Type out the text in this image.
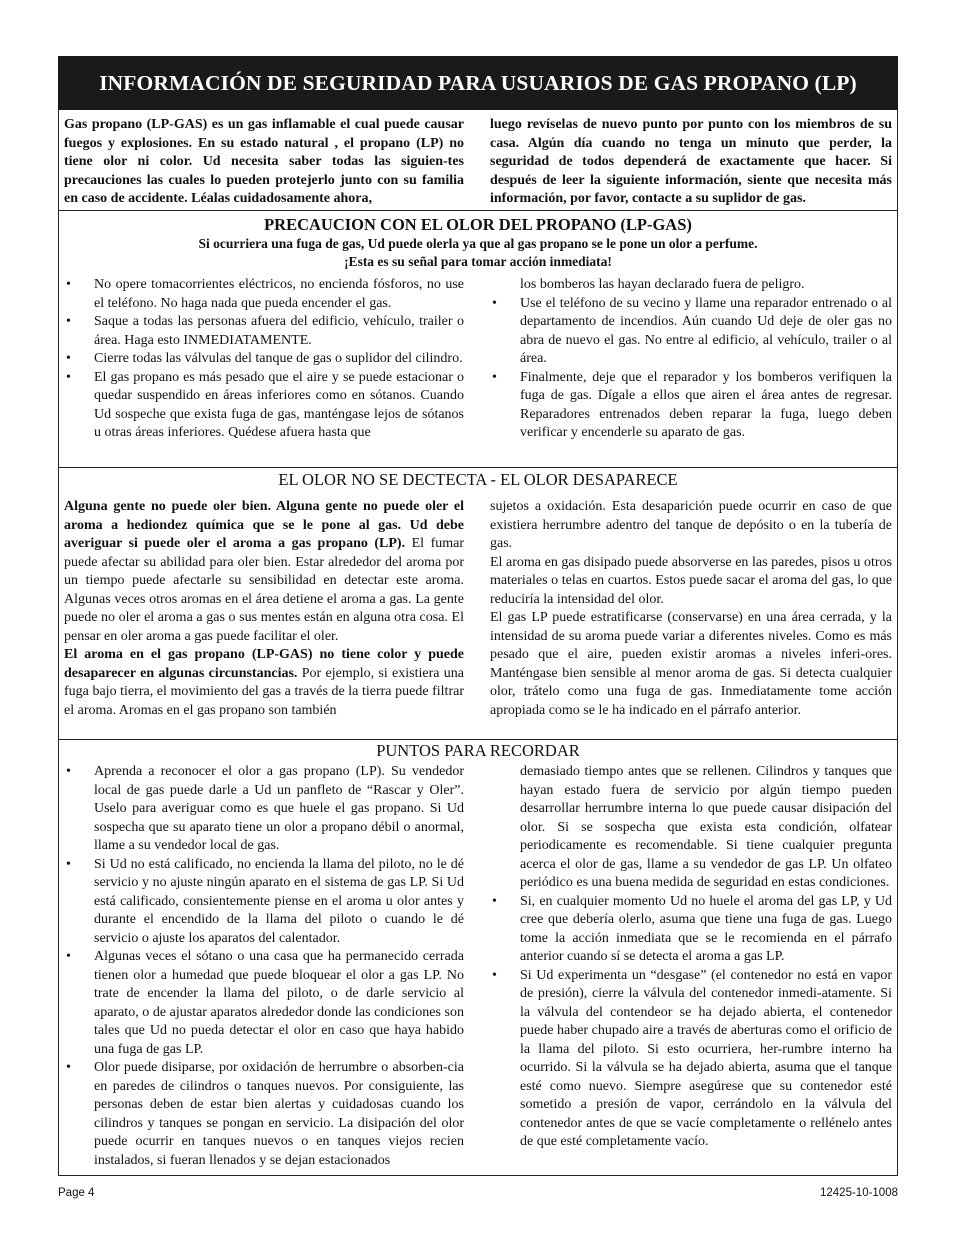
INFORMACIÓN DE SEGURIDAD PARA USUARIOS DE GAS PROPANO (LP)
Gas propano (LP-GAS) es un gas inflamable el cual puede causar fuegos y explosiones. En su estado natural , el propano (LP) no tiene olor ni color. Ud necesita saber todas las siguien-tes precauciones las cuales lo pueden protejerlo junto con su familia en caso de accidente. Léalas cuidadosamente ahora,
luego revíselas de nuevo punto por punto con los miembros de su casa. Algún día cuando no tenga un minuto que perder, la seguridad de todos dependerá de exactamente que hacer. Si después de leer la siguiente información, siente que necesita más información, por favor, contacte a su suplidor de gas.
PRECAUCION CON EL OLOR DEL PROPANO (LP-GAS)
Si ocurriera una fuga de gas, Ud puede olerla ya que al gas propano se le pone un olor a perfume.
¡Esta es su señal para tomar acción inmediata!
• No opere tomacorrientes eléctricos, no encienda fósforos, no use el teléfono. No haga nada que pueda encender el gas.
• Saque a todas las personas afuera del edificio, vehículo, trailer o área. Haga esto INMEDIATAMENTE.
• Cierre todas las válvulas del tanque de gas o suplidor del cilindro.
• El gas propano es más pesado que el aire y se puede estacionar o quedar suspendido en áreas inferiores como en sótanos. Cuando Ud sospeche que exista fuga de gas, manténgase lejos de sótanos u otras áreas inferiores. Quédese afuera hasta que
los bomberos las hayan declarado fuera de peligro.
• Use el teléfono de su vecino y llame una reparador entrenado o al departamento de incendios. Aún cuando Ud deje de oler gas no abra de nuevo el gas. No entre al edificio, al vehículo, trailer o al área.
• Finalmente, deje que el reparador y los bomberos verifiquen la fuga de gas. Dígale a ellos que airen el área antes de regresar. Reparadores entrenados deben reparar la fuga, luego deben verificar y encenderle su aparato de gas.
EL OLOR NO SE DECTECTA - EL OLOR DESAPARECE

Alguna gente no puede oler bien. Alguna gente no puede oler el aroma a hediondez química que se le pone al gas. Ud debe averiguar si puede oler el aroma a gas propano (LP). El fumar puede afectar su abilidad para oler bien. Estar alrededor del aroma por un tiempo puede afectarle su sensibilidad en detectar este aroma. Algunas veces otros aromas en el área detiene el aroma a gas. La gente puede no oler el aroma a gas o sus mentes están en alguna otra cosa. El pensar en oler aroma a gas puede facilitar el oler.

El aroma en el gas propano (LP-GAS) no tiene color y puede desaparecer en algunas circunstancias. Por ejemplo, si existiera una fuga bajo tierra, el movimiento del gas a través de la tierra puede filtrar el aroma. Aromas en el gas propano son también

sujetos a oxidación. Esta desaparición puede ocurrir en caso de que existiera herrumbre adentro del tanque de depósito o en la tubería de gas.

El aroma en gas disipado puede absorverse en las paredes, pisos u otros materiales o telas en cuartos. Estos puede sacar el aroma del gas, lo que reduciría la intensidad del olor.

El gas LP puede estratificarse (conservarse) en una área cerrada, y la intensidad de su aroma puede variar a diferentes niveles. Como es más pesado que el aire, pueden existir aromas a niveles inferi-ores. Manténgase bien sensible al menor aroma de gas. Si detecta cualquier olor, trátelo como una fuga de gas. Inmediatamente tome acción apropiada como se le ha indicado en el párrafo anterior.

PUNTOS PARA RECORDAR
• Aprenda a reconocer el olor a gas propano (LP). Su vendedor local de gas puede darle a Ud un panfleto de “Rascar y Oler”. Uselo para averiguar como es que huele el gas propano. Si Ud sospecha que su aparato tiene un olor a propano débil o anormal, llame a su vendedor local de gas.
• Si Ud no está calificado, no encienda la llama del piloto, no le dé servicio y no ajuste ningún aparato en el sistema de gas LP. Si Ud está calificado, consientemente piense en el aroma u olor antes y durante el encendido de la llama del piloto o cuando le dé servicio o ajuste los aparatos del calentador.
• Algunas veces el sótano o una casa que ha permanecido cerrada tienen olor a humedad que puede bloquear el olor a gas LP. No trate de encender la llama del piloto, o de darle servicio al aparato, o de ajustar aparatos alrededor donde las condiciones son tales que Ud no pueda detectar el olor en caso que haya habido una fuga de gas LP.
• Olor puede disiparse, por oxidación de herrumbre o absorben-cia en paredes de cilindros o tanques nuevos. Por consiguiente, las personas deben de estar bien alertas y cuidadosas cuando los cilindros y tanques se pongan en servicio. La disipación del olor puede ocurrir en tanques nuevos o en tanques viejos recien instalados, si fueran llenados y se dejan estacionados
demasiado tiempo antes que se rellenen. Cilindros y tanques que hayan estado fuera de servicio por algún tiempo pueden desarrollar herrumbre interna lo que puede causar disipación del olor. Si se sospecha que exista esta condición, olfatear periodicamente es recomendable. Si tiene cualquier pregunta acerca el olor de gas, llame a su vendedor de gas LP. Un olfateo periódico es una buena medida de seguridad en estas condiciones.
• Si, en cualquier momento Ud no huele el aroma del gas LP, y Ud cree que debería olerlo, asuma que tiene una fuga de gas. Luego tome la acción inmediata que se le recomienda en el párrafo anterior cuando sí se detecta el aroma a gas LP.
• Si Ud experimenta un “desgase” (el contenedor no está en vapor de presión), cierre la válvula del contenedor inmedi-atamente. Si la válvula del contendeor se ha dejado abierta, el contenedor puede haber chupado aire a través de aberturas como el orificio de la llama del piloto. Si esto ocurriera, her-rumbre interno ha ocurrido. Si la válvula se ha dejado abierta, asuma que el tanque esté como nuevo. Siempre asegúrese que su contenedor esté sometido a presión de vapor, cerrándolo en la válvula del contenedor antes de que se vacíe completamente o rellénelo antes de que esté completamente vacío.
Page 4	12425-10-1008
